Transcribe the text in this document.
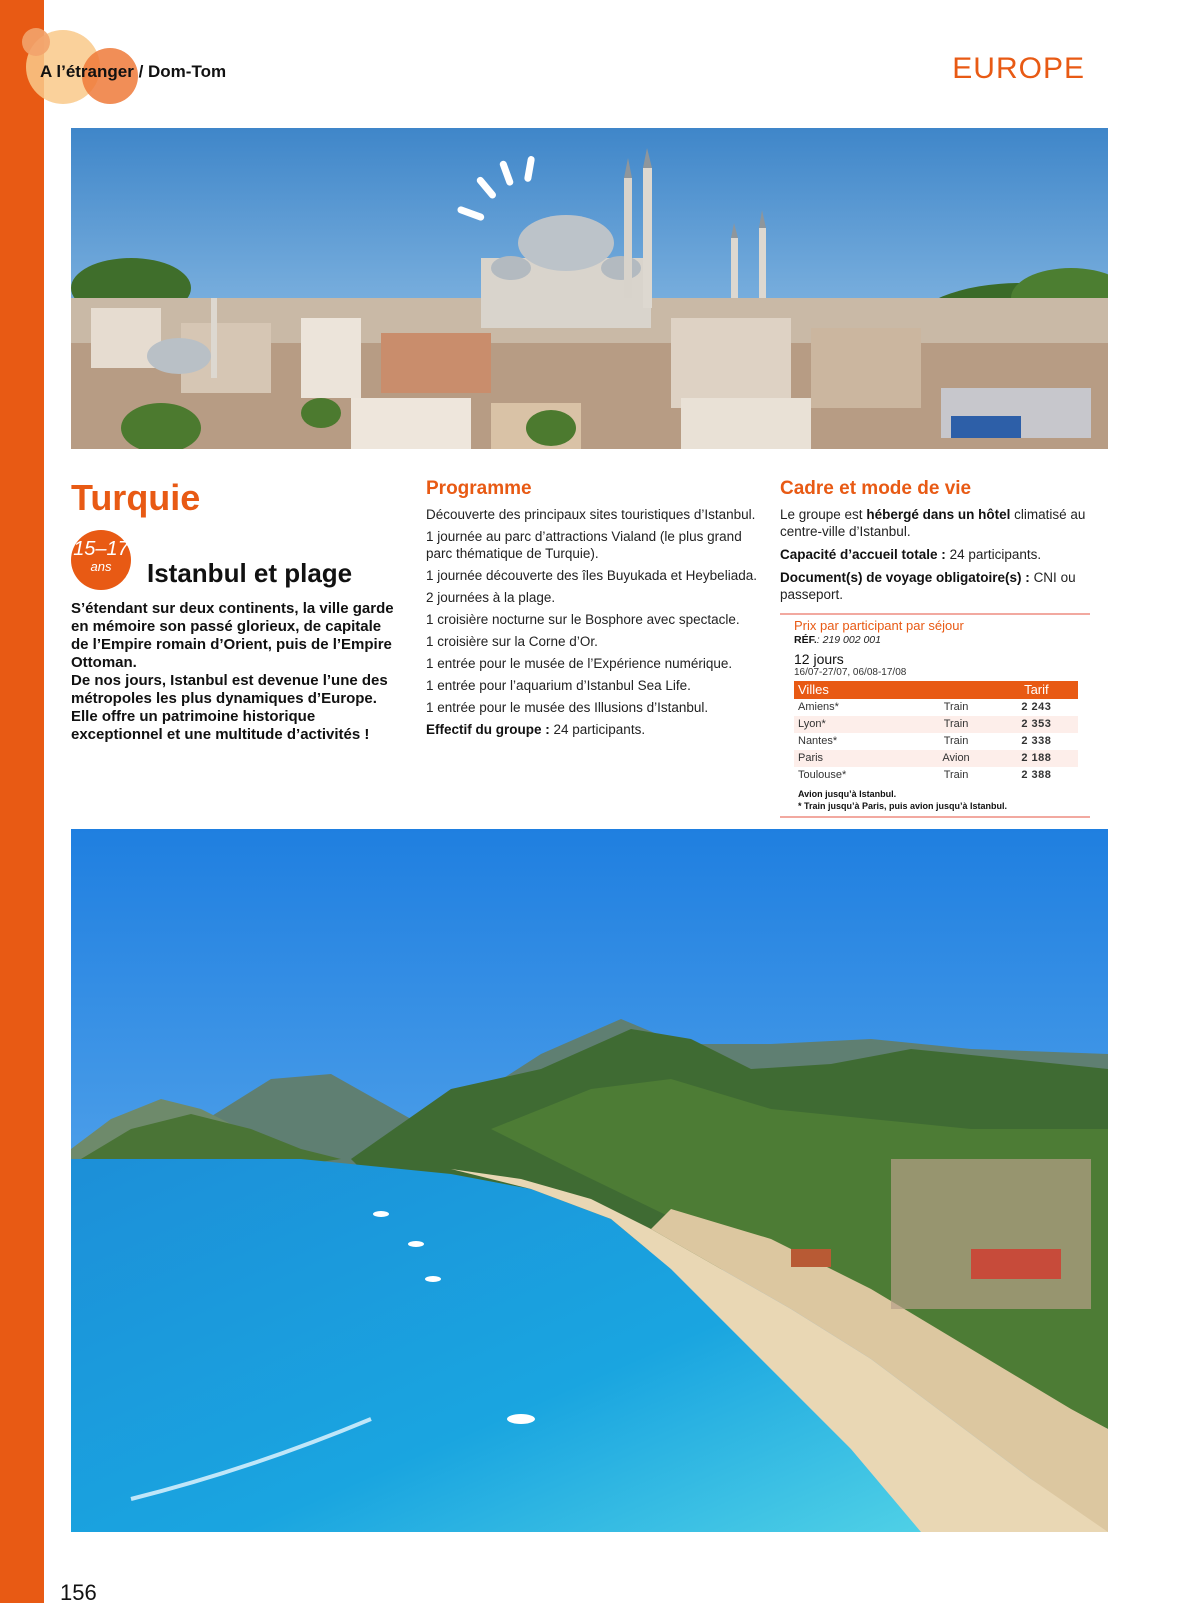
A l’étranger / Dom-Tom	EUROPE
Turquie
15–17
ans	Istanbul et plage

S’étendant sur deux continents, la ville garde en mémoire son passé glorieux, de capitale de l’Empire romain d’Orient, puis de l’Empire Ottoman.

De nos jours, Istanbul est devenue l’une des métropoles les plus dynamiques d’Europe. Elle offre un patrimoine historique exceptionnel et une multitude d’activités !

Programme
Découverte des principaux sites touristiques d’Istanbul.
1 journée au parc d’attractions Vialand (le plus grand parc thématique de Turquie).
1 journée découverte des îles Buyukada et Heybeliada.
2 journées à la plage.
1 croisière nocturne sur le Bosphore avec spectacle.
1 croisière sur la Corne d’Or.
1 entrée pour le musée de l’Expérience numérique.
1 entrée pour l’aquarium d’Istanbul Sea Life.
1 entrée pour le musée des Illusions d’Istanbul.

Effectif du groupe : 24 participants.

Cadre et mode de vie

Le groupe est hébergé dans un hôtel climatisé au centre-ville d’Istanbul.

Capacité d’accueil totale : 24 participants.

Document(s) de voyage obligatoire(s) : CNI ou passeport.

Prix par participant par séjour

RÉF.: 219 002 001

12 jours

16/07-27/07, 06/08-17/08

Villes		Tarif
Amiens*	Train	2 243
Lyon*	Train	2 353
Nantes*	Train	2 338
Paris	Avion	2 188
Toulouse*	Train	2 388

Avion jusqu’à Istanbul.
* Train jusqu’à Paris, puis avion jusqu’à Istanbul.

156
